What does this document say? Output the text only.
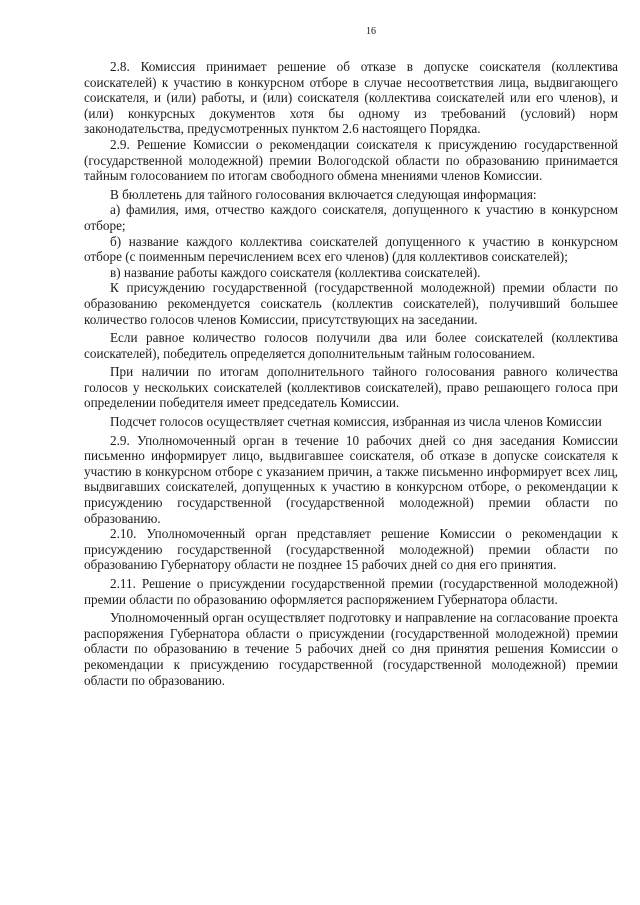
16

2.8. Комиссия принимает решение об отказе в допуске соискателя (коллектива соискателей) к участию в конкурсном отборе в случае несоответствия лица, выдвигающего соискателя, и (или) работы, и (или) соискателя (коллектива соискателей или его членов), и (или) конкурсных документов хотя бы одному из требований (условий) норм законодательства, предусмотренных пунктом 2.6 настоящего Порядка.

2.9. Решение Комиссии о рекомендации соискателя к присуждению государственной (государственной молодежной) премии Вологодской области по образованию принимается тайным голосованием по итогам свободного обмена мнениями членов Комиссии.

В бюллетень для тайного голосования включается следующая информация:

а) фамилия, имя, отчество каждого соискателя, допущенного к участию в конкурсном отборе;

б) название каждого коллектива соискателей допущенного к участию в конкурсном отборе (с поименным перечислением всех его членов) (для коллективов соискателей);

в) название работы каждого соискателя (коллектива соискателей).

К присуждению государственной (государственной молодежной) премии области по образованию рекомендуется соискатель (коллектив соискателей), получивший большее количество голосов членов Комиссии, присутствующих на заседании.

Если равное количество голосов получили два или более соискателей (коллектива соискателей), победитель определяется дополнительным тайным голосованием.

При наличии по итогам дополнительного тайного голосования равного количества голосов у нескольких соискателей (коллективов соискателей), право решающего голоса при определении победителя имеет председатель Комиссии.

Подсчет голосов осуществляет счетная комиссия, избранная из числа членов Комиссии

2.9. Уполномоченный орган в течение 10 рабочих дней со дня заседания Комиссии письменно информирует лицо, выдвигавшее соискателя, об отказе в допуске соискателя к участию в конкурсном отборе с указанием причин, а также письменно информирует всех лиц, выдвигавших соискателей, допущенных к участию в конкурсном отборе, о рекомендации к присуждению государственной (государственной молодежной) премии области по образованию.

2.10. Уполномоченный орган представляет решение Комиссии о рекомендации к присуждению государственной (государственной молодежной) премии области по образованию Губернатору области не позднее 15 рабочих дней со дня его принятия.

2.11. Решение о присуждении государственной премии (государственной молодежной) премии области по образованию оформляется распоряжением Губернатора области.

Уполномоченный орган осуществляет подготовку и направление на согласование проекта распоряжения Губернатора области о присуждении (государственной молодежной) премии области по образованию в течение 5 рабочих дней со дня принятия решения Комиссии о рекомендации к присуждению государственной (государственной молодежной) премии области по образованию.
